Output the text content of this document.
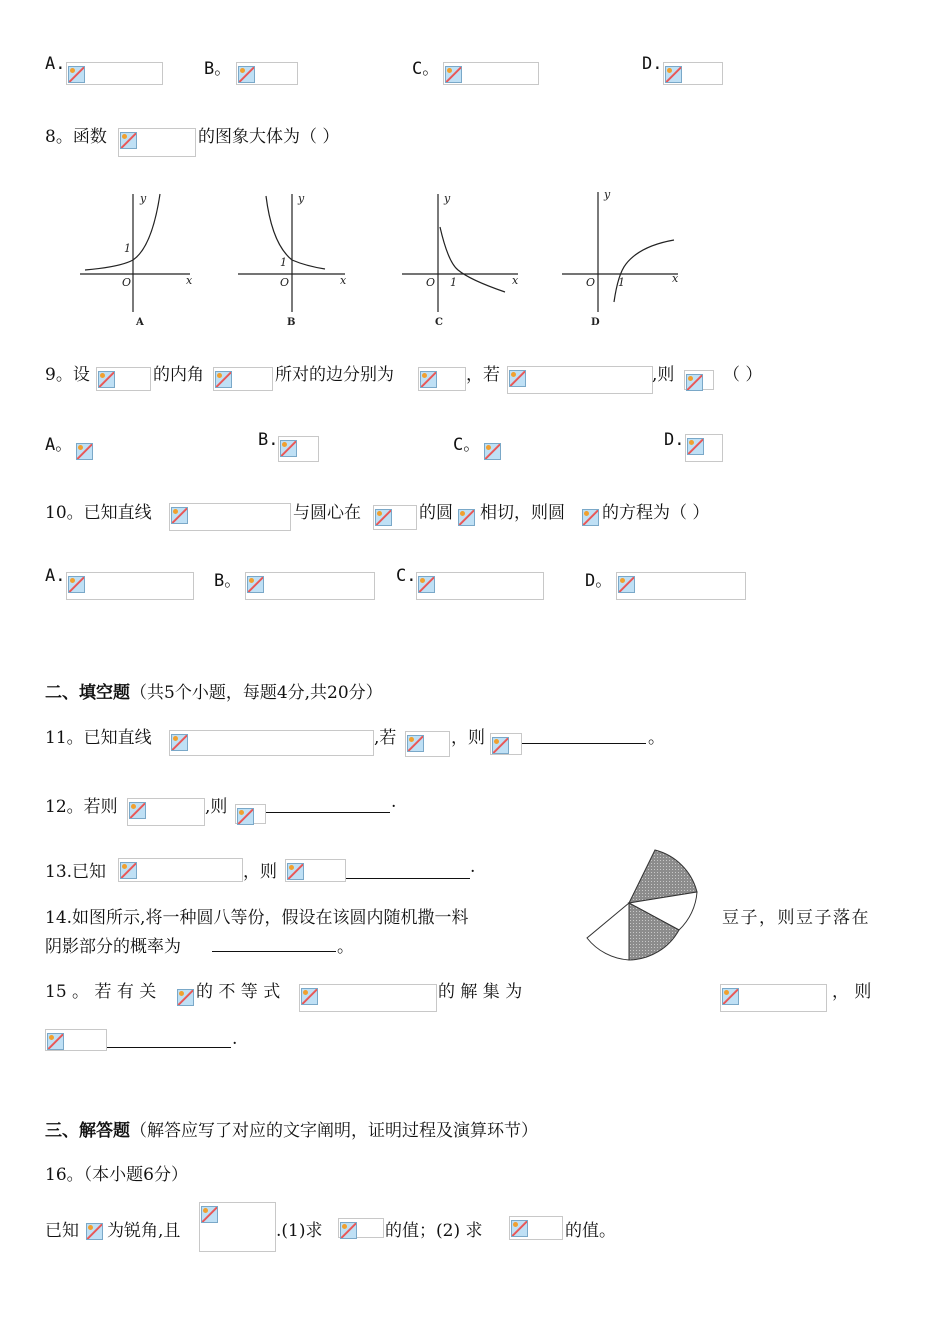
A.	B。	C。	D.
8。函数	的图象大体为（ ）
y
x
O
1
y
x
O
1
y
x
O 1
y
x
O 1
A	B	C	D
9。设	的内角	所对的边分别为	，若	,则	（ ）
A。	B.	C。	D.
10。已知直线	与圆心在	的圆 相切，则圆 的方程为（ ）
A.	B。	C.	D。
二、填空题（共5个小题，每题4分,共20分）
11。已知直线	,若	，则	。
12。若则	,则	.
13.已知	，则	.
14.如图所示,将一种圆八等份，假设在该圆内随机撒一料	豆子，则豆子落在
阴影部分的概率为	。
15 。 若 有 关 的 不 等 式	的 解 集 为	， 则
.
三、解答题（解答应写了对应的文字阐明，证明过程及演算环节）
16。（本小题6分）
已知 为锐角,且	.(1)求	的值；(2) 求	的值。
